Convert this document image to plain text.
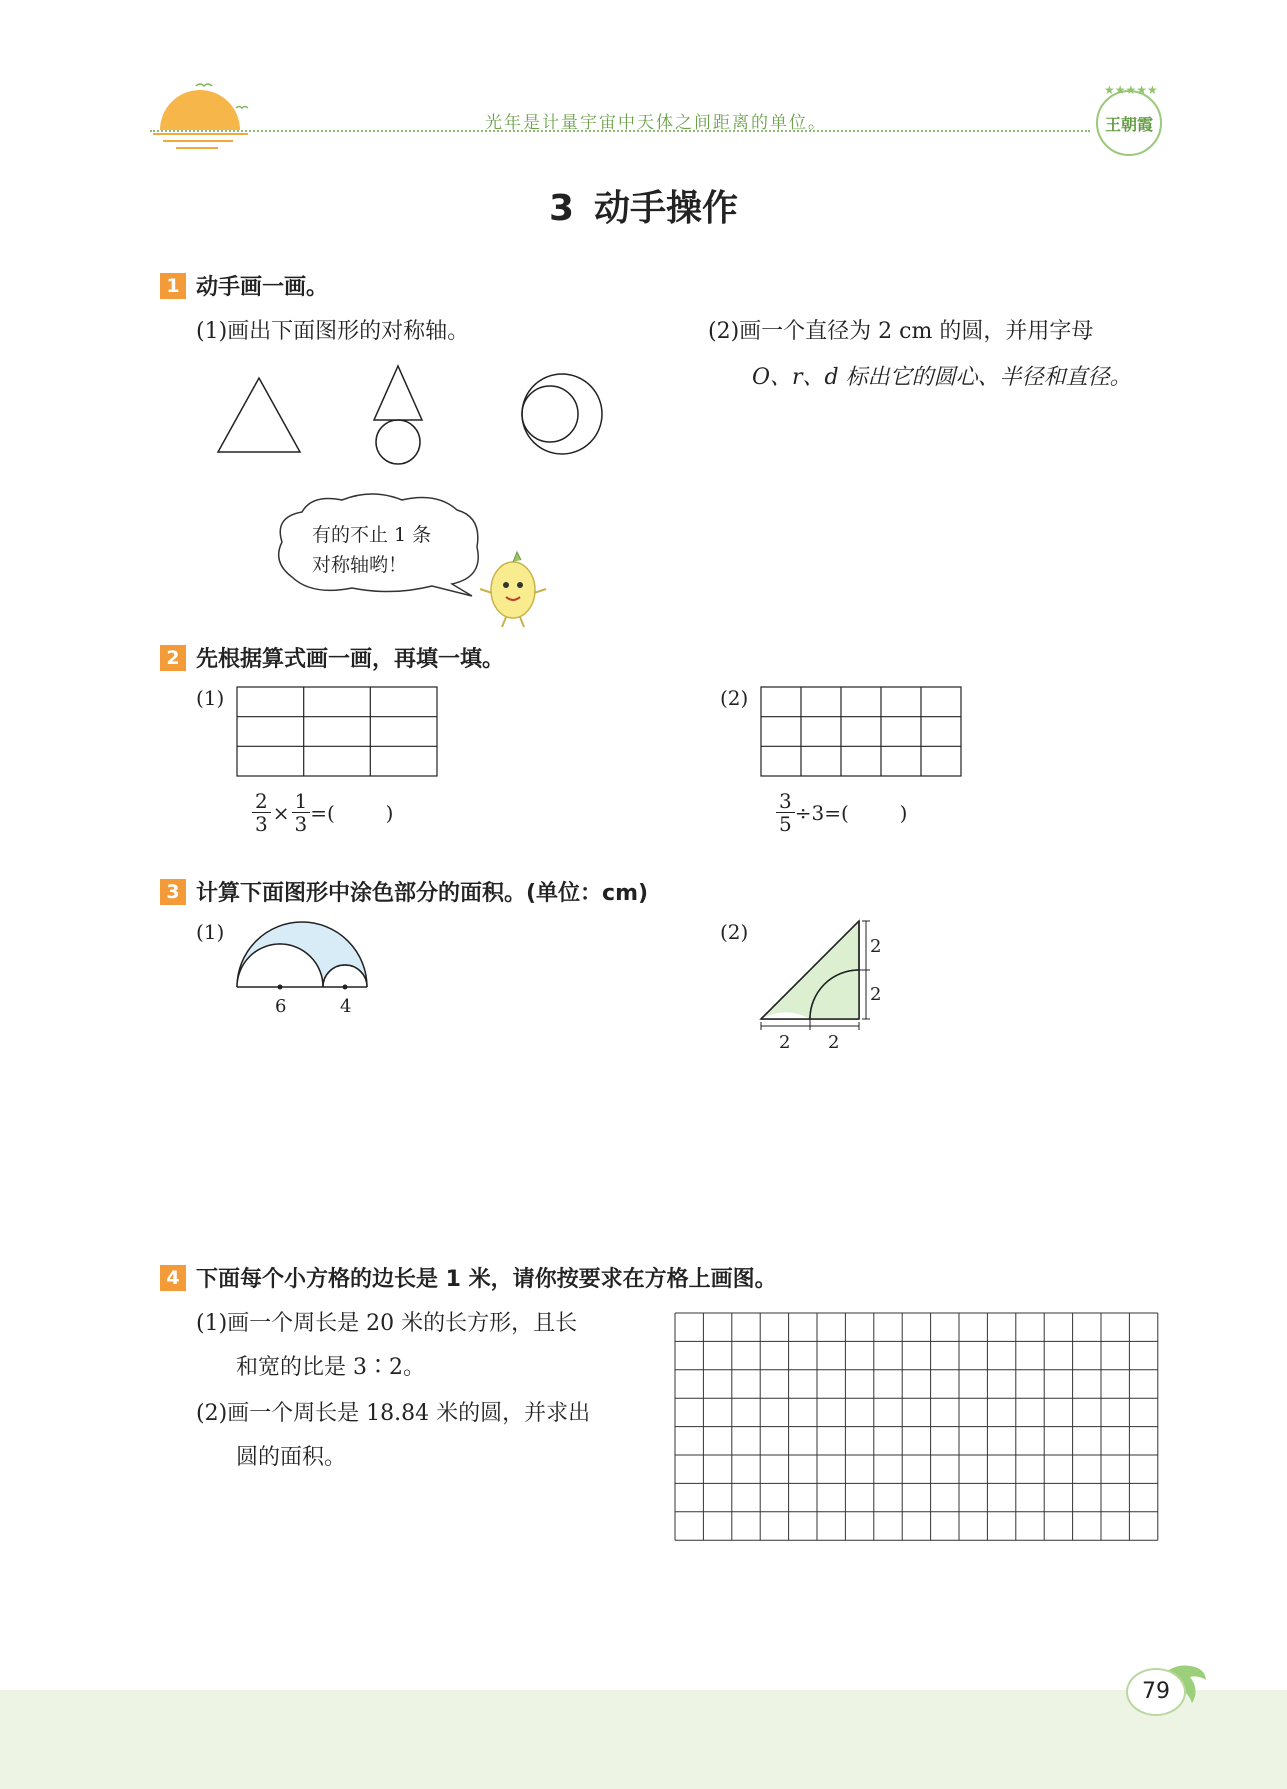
光年是计量宇宙中天体之间距离的单位。
★★★★★
王朝霞
3 动手操作
1 动手画一画。
(1)画出下面图形的对称轴。	(2)画一个直径为 2 cm 的圆，并用字母
O、r、d 标出它的圆心、半径和直径。
有的不止 1 条
对称轴哟！
2 先根据算式画一画，再填一填。
(1)
$\frac{2}{3} \times \frac{1}{3}$ =(        )
(2)
$\frac{3}{5} \div 3=$(        )
3 计算下面图形中涂色部分的面积。(单位：cm)
(1)
6	4
(2)
2
2
2 2
4 下面每个小方格的边长是 1 米，请你按要求在方格上画图。
(1)画一个周长是 20 米的长方形，且长
和宽的比是 3∶2。
(2)画一个周长是 18.84 米的圆，并求出
圆的面积。
79
